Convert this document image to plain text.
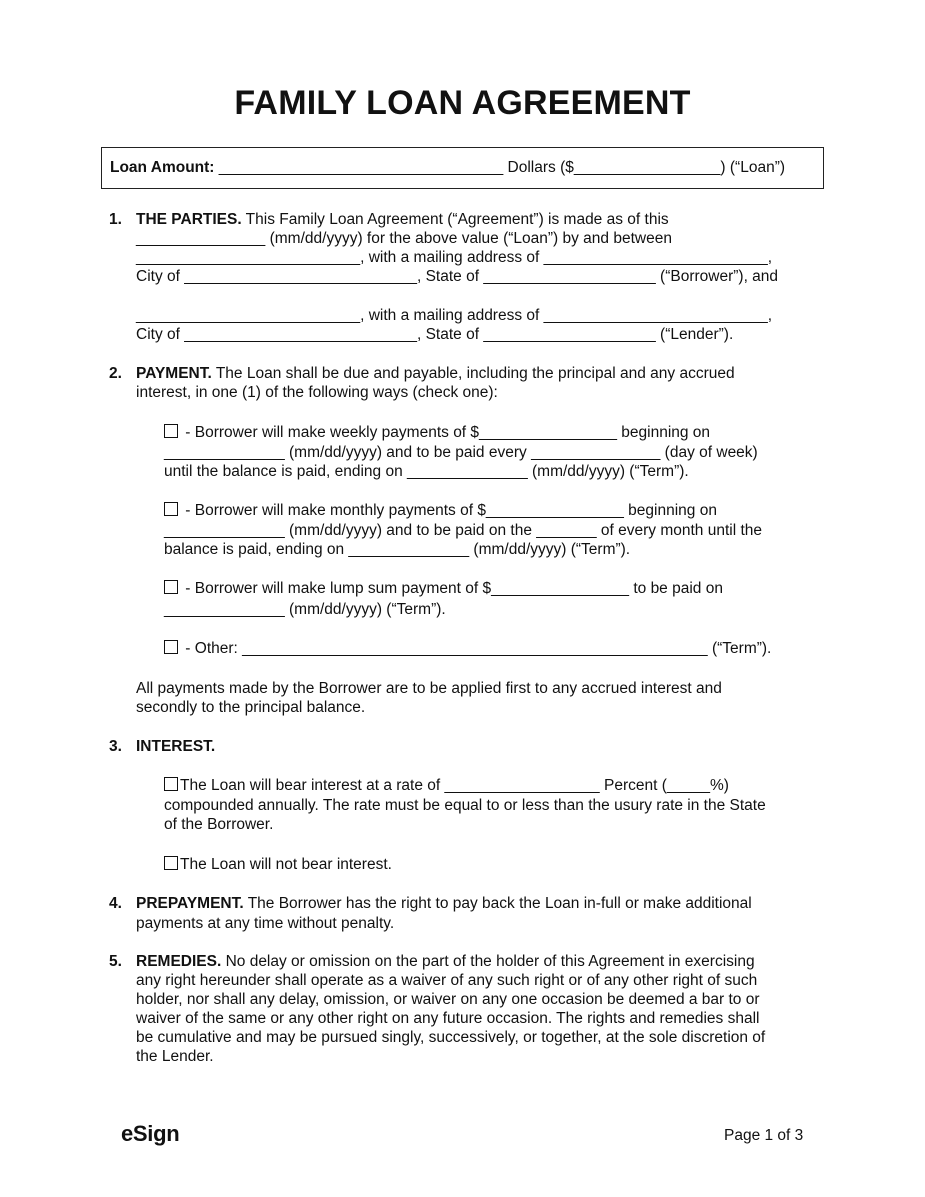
FAMILY LOAN AGREEMENT
Loan Amount: _________________________________ Dollars ($_________________) (“Loan”)
1. THE PARTIES. This Family Loan Agreement (“Agreement”) is made as of this
_______________ (mm/dd/yyyy) for the above value (“Loan”) by and between
__________________________, with a mailing address of __________________________,
City of ___________________________, State of ____________________ (“Borrower”), and
__________________________, with a mailing address of __________________________,
City of ___________________________, State of ____________________ (“Lender”).
2. PAYMENT. The Loan shall be due and payable, including the principal and any accrued
interest, in one (1) of the following ways (check one):
- Borrower will make weekly payments of $________________ beginning on
______________ (mm/dd/yyyy) and to be paid every _______________ (day of week)
until the balance is paid, ending on ______________ (mm/dd/yyyy) (“Term”).
- Borrower will make monthly payments of $________________ beginning on
______________ (mm/dd/yyyy) and to be paid on the _______ of every month until the
balance is paid, ending on ______________ (mm/dd/yyyy) (“Term”).
- Borrower will make lump sum payment of $________________ to be paid on
______________ (mm/dd/yyyy) (“Term”).
- Other: ______________________________________________________ (“Term”).
All payments made by the Borrower are to be applied first to any accrued interest and
secondly to the principal balance.
3. INTEREST.
The Loan will bear interest at a rate of __________________ Percent (_____%)
compounded annually. The rate must be equal to or less than the usury rate in the State
of the Borrower.
The Loan will not bear interest.
4. PREPAYMENT. The Borrower has the right to pay back the Loan in-full or make additional
payments at any time without penalty.
5. REMEDIES. No delay or omission on the part of the holder of this Agreement in exercising
any right hereunder shall operate as a waiver of any such right or of any other right of such
holder, nor shall any delay, omission, or waiver on any one occasion be deemed a bar to or
waiver of the same or any other right on any future occasion. The rights and remedies shall
be cumulative and may be pursued singly, successively, or together, at the sole discretion of
the Lender.
eSign	Page 1 of 3
